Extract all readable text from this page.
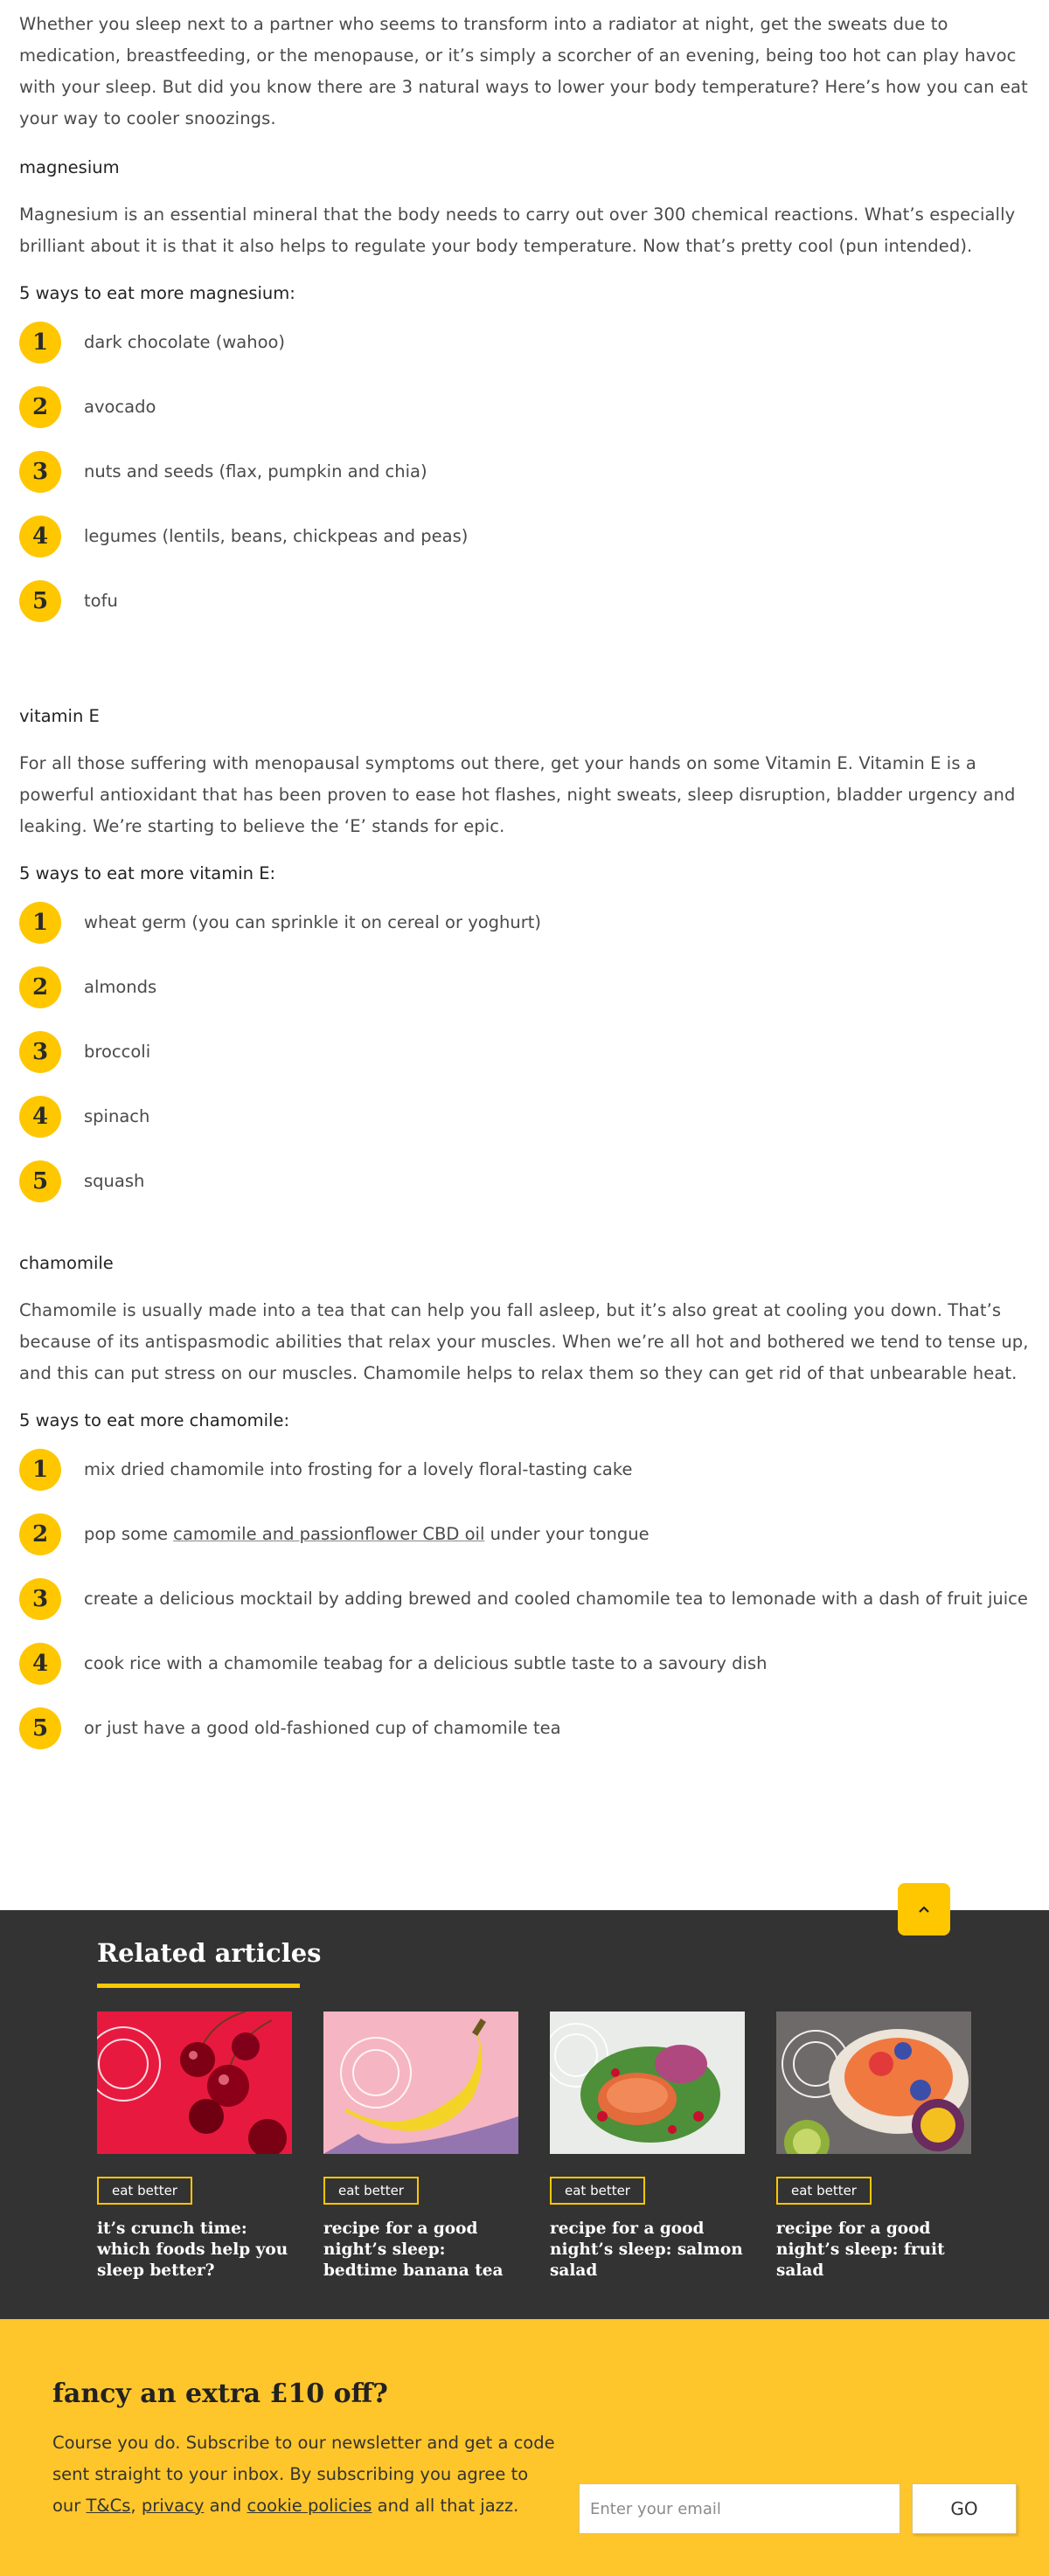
Whether you sleep next to a partner who seems to transform into a radiator at night, get the sweats due to medication, breastfeeding, or the menopause, or it’s simply a scorcher of an evening, being too hot can play havoc with your sleep. But did you know there are 3 natural ways to lower your body temperature? Here’s how you can eat your way to cooler snoozings.

magnesium

Magnesium is an essential mineral that the body needs to carry out over 300 chemical reactions. What’s especially brilliant about it is that it also helps to regulate your body temperature. Now that’s pretty cool (pun intended).

5 ways to eat more magnesium:
1	dark chocolate (wahoo)
2	avocado
3	nuts and seeds (flax, pumpkin and chia)
4	legumes (lentils, beans, chickpeas and peas)
5	tofu
vitamin E

For all those suffering with menopausal symptoms out there, get your hands on some Vitamin E. Vitamin E is a powerful antioxidant that has been proven to ease hot flashes, night sweats, sleep disruption, bladder urgency and leaking. We’re starting to believe the ‘E’ stands for epic.

5 ways to eat more vitamin E:
1	wheat germ (you can sprinkle it on cereal or yoghurt)
2	almonds
3	broccoli
4	spinach
5	squash
chamomile

Chamomile is usually made into a tea that can help you fall asleep, but it’s also great at cooling you down. That’s because of its antispasmodic abilities that relax your muscles. When we’re all hot and bothered we tend to tense up, and this can put stress on our muscles. Chamomile helps to relax them so they can get rid of that unbearable heat.

5 ways to eat more chamomile:
1	mix dried chamomile into frosting for a lovely floral-tasting cake
2	pop some camomile and passionflower CBD oil under your tongue
3	create a delicious mocktail by adding brewed and cooled chamomile tea to lemonade with a dash of fruit juice
4	cook rice with a chamomile teabag for a delicious subtle taste to a savoury dish
5	or just have a good old-fashioned cup of chamomile tea
Related articles
eat better
it’s crunch time: which foods help you sleep better?
eat better
recipe for a good night’s sleep: bedtime banana tea
eat better
recipe for a good night’s sleep: salmon salad
eat better
recipe for a good night’s sleep: fruit salad
fancy an extra £10 off?

Course you do. Subscribe to our newsletter and get a code sent straight to your inbox. By subscribing you agree to our T&Cs, privacy and cookie policies and all that jazz.

Enter your email	GO
